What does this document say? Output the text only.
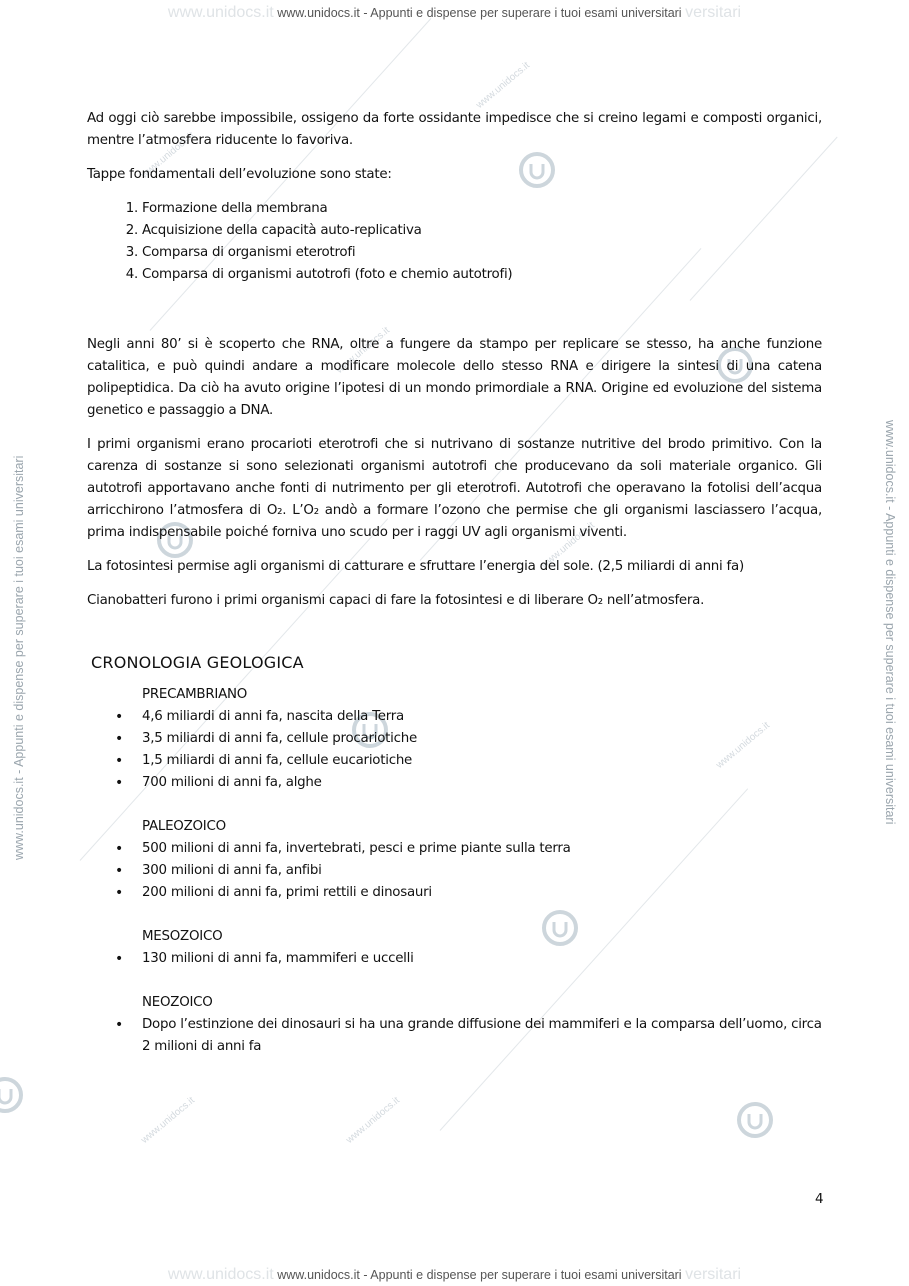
www.unidocs.it www.unidocs.it - Appunti e dispense per superare i tuoi esami universitari versitari
www.unidocs.it www.unidocs.it - Appunti e dispense per superare i tuoi esami universitari versitari
www.unidocs.it - Appunti e dispense per superare i tuoi esami universitari	www.unidocs.it - Appunti e dispense per superare i tuoi esami universitari
www.unidocs.it
www.unidocs.it
www.unidocs.it
www.unidocs.it
www.unidocs.it
www.unidocs.it
www.unidocs.it

Ad oggi ciò sarebbe impossibile, ossigeno da forte ossidante impedisce che si creino legami e composti organici, mentre l’atmosfera riducente lo favoriva.

Tappe fondamentali dell’evoluzione sono state:

1. Formazione della membrana
2. Acquisizione della capacità auto-replicativa
3. Comparsa di organismi eterotrofi
4. Comparsa di organismi autotrofi (foto e chemio autotrofi)

Negli anni 80’ si è scoperto che RNA, oltre a fungere da stampo per replicare se stesso, ha anche funzione catalitica, e può quindi andare a modificare molecole dello stesso RNA e dirigere la sintesi di una catena polipeptidica. Da ciò ha avuto origine l’ipotesi di un mondo primordiale a RNA. Origine ed evoluzione del sistema genetico e passaggio a DNA.

I primi organismi erano procarioti eterotrofi che si nutrivano di sostanze nutritive del brodo primitivo. Con la carenza di sostanze si sono selezionati organismi autotrofi che producevano da soli materiale organico. Gli autotrofi apportavano anche fonti di nutrimento per gli eterotrofi. Autotrofi che operavano la fotolisi dell’acqua arricchirono l’atmosfera di O₂. L’O₂ andò a formare l’ozono che permise che gli organismi lasciassero l’acqua, prima indispensabile poiché forniva uno scudo per i raggi UV agli organismi viventi.

La fotosintesi permise agli organismi di catturare e sfruttare l’energia del sole. (2,5 miliardi di anni fa)

Cianobatteri furono i primi organismi capaci di fare la fotosintesi e di liberare O₂ nell’atmosfera.

CRONOLOGIA GEOLOGICA
PRECAMBRIANO
• 4,6 miliardi di anni fa, nascita della Terra
• 3,5 miliardi di anni fa, cellule procariotiche
• 1,5 miliardi di anni fa, cellule eucariotiche
• 700 milioni di anni fa, alghe
PALEOZOICO
• 500 milioni di anni fa, invertebrati, pesci e prime piante sulla terra
• 300 milioni di anni fa, anfibi
• 200 milioni di anni fa, primi rettili e dinosauri
MESOZOICO
• 130 milioni di anni fa, mammiferi e uccelli
NEOZOICO
• Dopo l’estinzione dei dinosauri si ha una grande diffusione dei mammiferi e la comparsa dell’uomo, circa 2 milioni di anni fa
4
